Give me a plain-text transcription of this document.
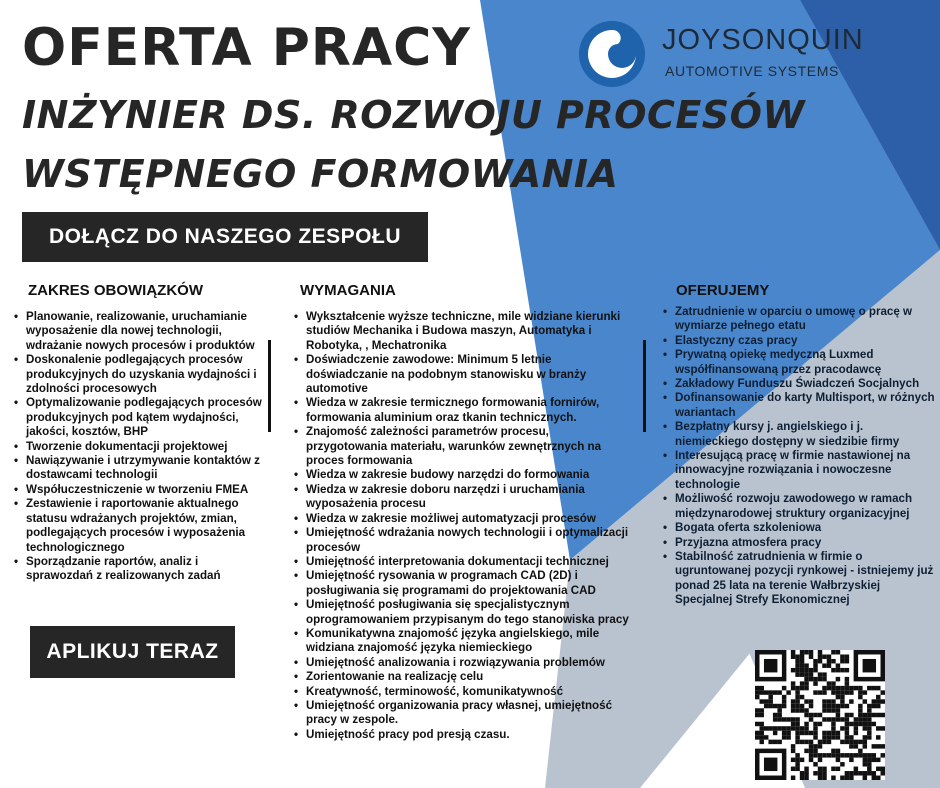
OFERTA PRACY
INŻYNIER DS. ROZWOJU PROCESÓW
WSTĘPNEGO FORMOWANIA
DOŁĄCZ DO NASZEGO ZESPOŁU
JOYSONQUIN
AUTOMOTIVE SYSTEMS
ZAKRES OBOWIĄZKÓW
• Planowanie, realizowanie, uruchamianie wyposażenie dla nowej technologii, wdrażanie nowych procesów i produktów
• Doskonalenie podlegających procesów produkcyjnych do uzyskania wydajności i zdolności procesowych
• Optymalizowanie podlegających procesów produkcyjnych pod kątem wydajności, jakości, kosztów, BHP
• Tworzenie dokumentacji projektowej
• Nawiązywanie i utrzymywanie kontaktów z dostawcami technologii
• Współuczestniczenie w tworzeniu FMEA
• Zestawienie i raportowanie aktualnego statusu wdrażanych projektów, zmian, podlegających procesów i wyposażenia technologicznego
• Sporządzanie raportów, analiz i sprawozdań z realizowanych zadań
WYMAGANIA
• Wykształcenie wyższe techniczne, mile widziane kierunki studiów Mechanika i Budowa maszyn, Automatyka i Robotyka, , Mechatronika
• Doświadczenie zawodowe: Minimum 5 letnie doświadczanie na podobnym stanowisku w branży automotive
• Wiedza w zakresie termicznego formowania fornirów, formowania aluminium oraz tkanin technicznych.
• Znajomość zależności parametrów procesu, przygotowania materiału, warunków zewnętrznych na proces formowania
• Wiedza w zakresie budowy narzędzi do formowania
• Wiedza w zakresie doboru narzędzi i uruchamiania wyposażenia procesu
• Wiedza w zakresie możliwej automatyzacji procesów
• Umiejętność wdrażania nowych technologii i optymalizacji procesów
• Umiejętność interpretowania dokumentacji technicznej
• Umiejętność rysowania w programach CAD (2D) i posługiwania się programami do projektowania CAD
• Umiejętność posługiwania się specjalistycznym oprogramowaniem przypisanym do tego stanowiska pracy
• Komunikatywna znajomość języka angielskiego, mile widziana znajomość języka niemieckiego
• Umiejętność analizowania i rozwiązywania problemów
• Zorientowanie na realizację celu
• Kreatywność, terminowość, komunikatywność
• Umiejętność organizowania pracy własnej, umiejętność pracy w zespole.
• Umiejętność pracy pod presją czasu.
OFERUJEMY
• Zatrudnienie w oparciu o umowę o pracę w wymiarze pełnego etatu
• Elastyczny czas pracy
• Prywatną opiekę medyczną Luxmed współfinansowaną przez pracodawcę
• Zakładowy Funduszu Świadczeń Socjalnych
• Dofinansowanie do karty Multisport, w różnych wariantach
• Bezpłatny kursy j. angielskiego i j. niemieckiego dostępny w siedzibie firmy
• Interesującą pracę w firmie nastawionej na innowacyjne rozwiązania i nowoczesne technologie
• Możliwość rozwoju zawodowego w ramach międzynarodowej struktury organizacyjnej
• Bogata oferta szkoleniowa
• Przyjazna atmosfera pracy
• Stabilność zatrudnienia w firmie o ugruntowanej pozycji rynkowej - istniejemy już ponad 25 lata na terenie Wałbrzyskiej Specjalnej Strefy Ekonomicznej
APLIKUJ TERAZ
